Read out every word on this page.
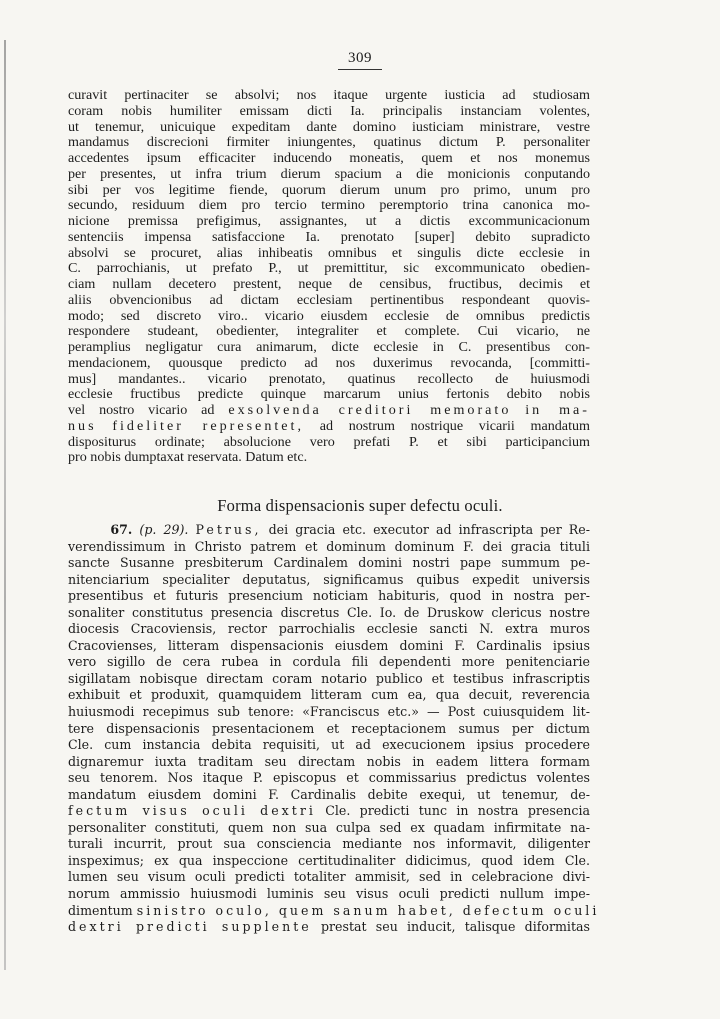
309
curavit pertinaciter se absolvi; nos itaque urgente iusticia ad studiosam
coram nobis humiliter emissam dicti Ia. principalis instanciam volentes,
ut tenemur, unicuique expeditam dante domino iusticiam ministrare, vestre
mandamus discrecioni firmiter iniungentes, quatinus dictum P. personaliter
accedentes ipsum efficaciter inducendo moneatis, quem et nos monemus
per presentes, ut infra trium dierum spacium a die monicionis conputando
sibi per vos legitime fiende, quorum dierum unum pro primo, unum pro
secundo, residuum diem pro tercio termino peremptorio trina canonica mo-
nicione premissa prefigimus, assignantes, ut a dictis excommunicacionum
sentenciis impensa satisfaccione Ia. prenotato [super] debito supradicto
absolvi se procuret, alias inhibeatis omnibus et singulis dicte ecclesie in
C. parrochianis, ut prefato P., ut premittitur, sic excommunicato obedien-
ciam nullam decetero prestent, neque de censibus, fructibus, decimis et
aliis obvencionibus ad dictam ecclesiam pertinentibus respondeant quovis-
modo; sed discreto viro.. vicario eiusdem ecclesie de omnibus predictis
respondere studeant, obedienter, integraliter et complete. Cui vicario, ne
peramplius negligatur cura animarum, dicte ecclesie in C. presentibus con-
mendacionem, quousque predicto ad nos duxerimus revocanda, [committi-
mus] mandantes.. vicario prenotato, quatinus recollecto de huiusmodi
ecclesie fructibus predicte quinque marcarum unius fertonis debito nobis
vel nostro vicario ad exsolvenda creditori memorato in ma-
nus fideliter representet, ad nostrum nostrique vicarii mandatum
dispositurus ordinate; absolucione vero prefati P. et sibi participancium
pro nobis dumptaxat reservata. Datum etc.
Forma dispensacionis super defectu oculi.
67. (p. 29). Petrus, dei gracia etc. executor ad infrascripta per Re-
verendissimum in Christo patrem et dominum dominum F. dei gracia tituli
sancte Susanne presbiterum Cardinalem domini nostri pape summum pe-
nitenciarium specialiter deputatus, significamus quibus expedit universis
presentibus et futuris presencium noticiam habituris, quod in nostra per-
sonaliter constitutus presencia discretus Cle. Io. de Druskow clericus nostre
diocesis Cracoviensis, rector parrochialis ecclesie sancti N. extra muros
Cracovienses, litteram dispensacionis eiusdem domini F. Cardinalis ipsius
vero sigillo de cera rubea in cordula fili dependenti more penitenciarie
sigillatam nobisque directam coram notario publico et testibus infrascriptis
exhibuit et produxit, quamquidem litteram cum ea, qua decuit, reverencia
huiusmodi recepimus sub tenore: «Franciscus etc.» — Post cuiusquidem lit-
tere dispensacionis presentacionem et receptacionem sumus per dictum
Cle. cum instancia debita requisiti, ut ad execucionem ipsius procedere
dignaremur iuxta traditam seu directam nobis in eadem littera formam
seu tenorem. Nos itaque P. episcopus et commissarius predictus volentes
mandatum eiusdem domini F. Cardinalis debite exequi, ut tenemur, de-
fectum visus oculi dextri Cle. predicti tunc in nostra presencia
personaliter constituti, quem non sua culpa sed ex quadam infirmitate na-
turali incurrit, prout sua consciencia mediante nos informavit, diligenter
inspeximus; ex qua inspeccione certitudinaliter didicimus, quod idem Cle.
lumen seu visum oculi predicti totaliter ammisit, sed in celebracione divi-
norum ammissio huiusmodi luminis seu visus oculi predicti nullum impe-
dimentum sinistro oculo, quem sanum habet, defectum oculi
dextri predicti supplente prestat seu inducit, talisque diformitas
